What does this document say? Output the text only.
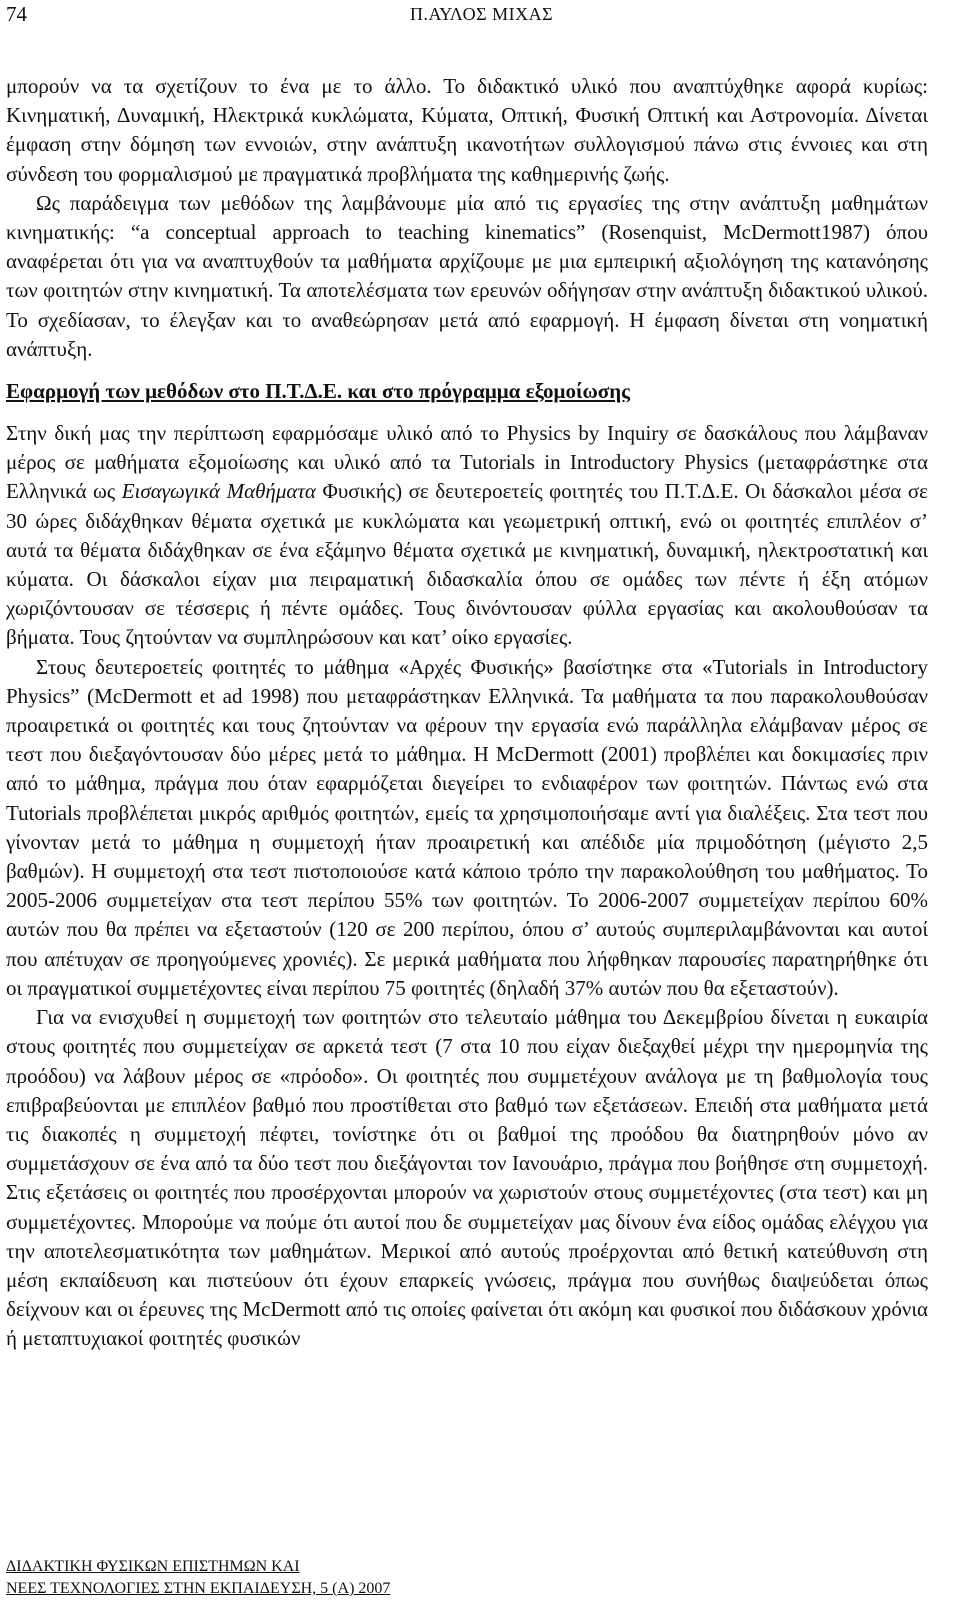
74	Π.ΑΥΛΟΣ ΜΙΧΑΣ

μπορούν να τα σχετίζουν το ένα με το άλλο. Το διδακτικό υλικό που αναπτύχθηκε αφορά κυρίως: Κινηματική, Δυναμική, Ηλεκτρικά κυκλώματα, Κύματα, Οπτική, Φυσική Οπτική και Αστρονομία. Δίνεται έμφαση στην δόμηση των εννοιών, στην ανάπτυξη ικανοτήτων συλλογισμού πάνω στις έννοιες και στη σύνδεση του φορμαλισμού με πραγματικά προβλήματα της καθημερινής ζωής.

Ως παράδειγμα των μεθόδων της λαμβάνουμε μία από τις εργασίες της στην ανάπτυξη μαθημάτων κινηματικής: “a conceptual approach to teaching kinematics” (Rosenquist, McDermott1987) όπου αναφέρεται ότι για να αναπτυχθούν τα μαθήματα αρχίζουμε με μια εμπειρική αξιολόγηση της κατανόησης των φοιτητών στην κινηματική. Τα αποτελέσματα των ερευνών οδήγησαν στην ανάπτυξη διδακτικού υλικού. Το σχεδίασαν, το έλεγξαν και το αναθεώρησαν μετά από εφαρμογή. Η έμφαση δίνεται στη νοηματική ανάπτυξη.

Εφαρμογή των μεθόδων στο Π.Τ.Δ.Ε. και στο πρόγραμμα εξομοίωσης

Στην δική μας την περίπτωση εφαρμόσαμε υλικό από το Physics by Inquiry σε δασκάλους που λάμβαναν μέρος σε μαθήματα εξομοίωσης και υλικό από τα Tutorials in Introductory Physics (μεταφράστηκε στα Ελληνικά ως Εισαγωγικά Μαθήματα Φυσικής) σε δευτεροετείς φοιτητές του Π.Τ.Δ.Ε. Οι δάσκαλοι μέσα σε 30 ώρες διδάχθηκαν θέματα σχετικά με κυκλώματα και γεωμετρική οπτική, ενώ οι φοιτητές επιπλέον σ’ αυτά τα θέματα διδάχθηκαν σε ένα εξάμηνο θέματα σχετικά με κινηματική, δυναμική, ηλεκτροστατική και κύματα. Οι δάσκαλοι είχαν μια πειραματική διδασκαλία όπου σε ομάδες των πέντε ή έξη ατόμων χωριζόντουσαν σε τέσσερις ή πέντε ομάδες. Τους δινόντουσαν φύλλα εργασίας και ακολουθούσαν τα βήματα. Τους ζητούνταν να συμπληρώσουν και κατ’ οίκο εργασίες.

Στους δευτεροετείς φοιτητές το μάθημα «Αρχές Φυσικής» βασίστηκε στα «Tutorials in Introductory Physics” (McDermott et ad 1998) που μεταφράστηκαν Ελληνικά. Τα μαθήματα τα που παρακολουθούσαν προαιρετικά οι φοιτητές και τους ζητούνταν να φέρουν την εργασία ενώ παράλληλα ελάμβαναν μέρος σε τεστ που διεξαγόντουσαν δύο μέρες μετά το μάθημα. Η McDermott (2001) προβλέπει και δοκιμασίες πριν από το μάθημα, πράγμα που όταν εφαρμόζεται διεγείρει το ενδιαφέρον των φοιτητών. Πάντως ενώ στα Tutorials προβλέπεται μικρός αριθμός φοιτητών, εμείς τα χρησιμοποιήσαμε αντί για διαλέξεις. Στα τεστ που γίνονταν μετά το μάθημα η συμμετοχή ήταν προαιρετική και απέδιδε μία πριμοδότηση (μέγιστο 2,5 βαθμών). Η συμμετοχή στα τεστ πιστοποιούσε κατά κάποιο τρόπο την παρακολούθηση του μαθήματος. Το 2005-2006 συμμετείχαν στα τεστ περίπου 55% των φοιτητών. Το 2006-2007 συμμετείχαν περίπου 60% αυτών που θα πρέπει να εξεταστούν (120 σε 200 περίπου, όπου σ’ αυτούς συμπεριλαμβάνονται και αυτοί που απέτυχαν σε προηγούμενες χρονιές). Σε μερικά μαθήματα που λήφθηκαν παρουσίες παρατηρήθηκε ότι οι πραγματικοί συμμετέχοντες είναι περίπου 75 φοιτητές (δηλαδή 37% αυτών που θα εξεταστούν).

Για να ενισχυθεί η συμμετοχή των φοιτητών στο τελευταίο μάθημα του Δεκεμβρίου δίνεται η ευκαιρία στους φοιτητές που συμμετείχαν σε αρκετά τεστ (7 στα 10 που είχαν διεξαχθεί μέχρι την ημερομηνία της προόδου) να λάβουν μέρος σε «πρόοδο». Οι φοιτητές που συμμετέχουν ανάλογα με τη βαθμολογία τους επιβραβεύονται με επιπλέον βαθμό που προστίθεται στο βαθμό των εξετάσεων. Επειδή στα μαθήματα μετά τις διακοπές η συμμετοχή πέφτει, τονίστηκε ότι οι βαθμοί της προόδου θα διατηρηθούν μόνο αν συμμετάσχουν σε ένα από τα δύο τεστ που διεξάγονται τον Ιανουάριο, πράγμα που βοήθησε στη συμμετοχή. Στις εξετάσεις οι φοιτητές που προσέρχονται μπορούν να χωριστούν στους συμμετέχοντες (στα τεστ) και μη συμμετέχοντες. Μπορούμε να πούμε ότι αυτοί που δε συμμετείχαν μας δίνουν ένα είδος ομάδας ελέγχου για την αποτελεσματικότητα των μαθημάτων. Μερικοί από αυτούς προέρχονται από θετική κατεύθυνση στη μέση εκπαίδευση και πιστεύουν ότι έχουν επαρκείς γνώσεις, πράγμα που συνήθως διαψεύδεται όπως δείχνουν και οι έρευνες της McDermott από τις οποίες φαίνεται ότι ακόμη και φυσικοί που διδάσκουν χρόνια ή μεταπτυχιακοί φοιτητές φυσικών

ΔΙΔΑΚΤΙΚΗ ΦΥΣΙΚΩΝ ΕΠΙΣΤΗΜΩΝ ΚΑΙ
ΝΕΕΣ ΤΕΧΝΟΛΟΓΙΕΣ ΣΤΗΝ ΕΚΠΑΙΔΕΥΣΗ, 5 (Α) 2007
